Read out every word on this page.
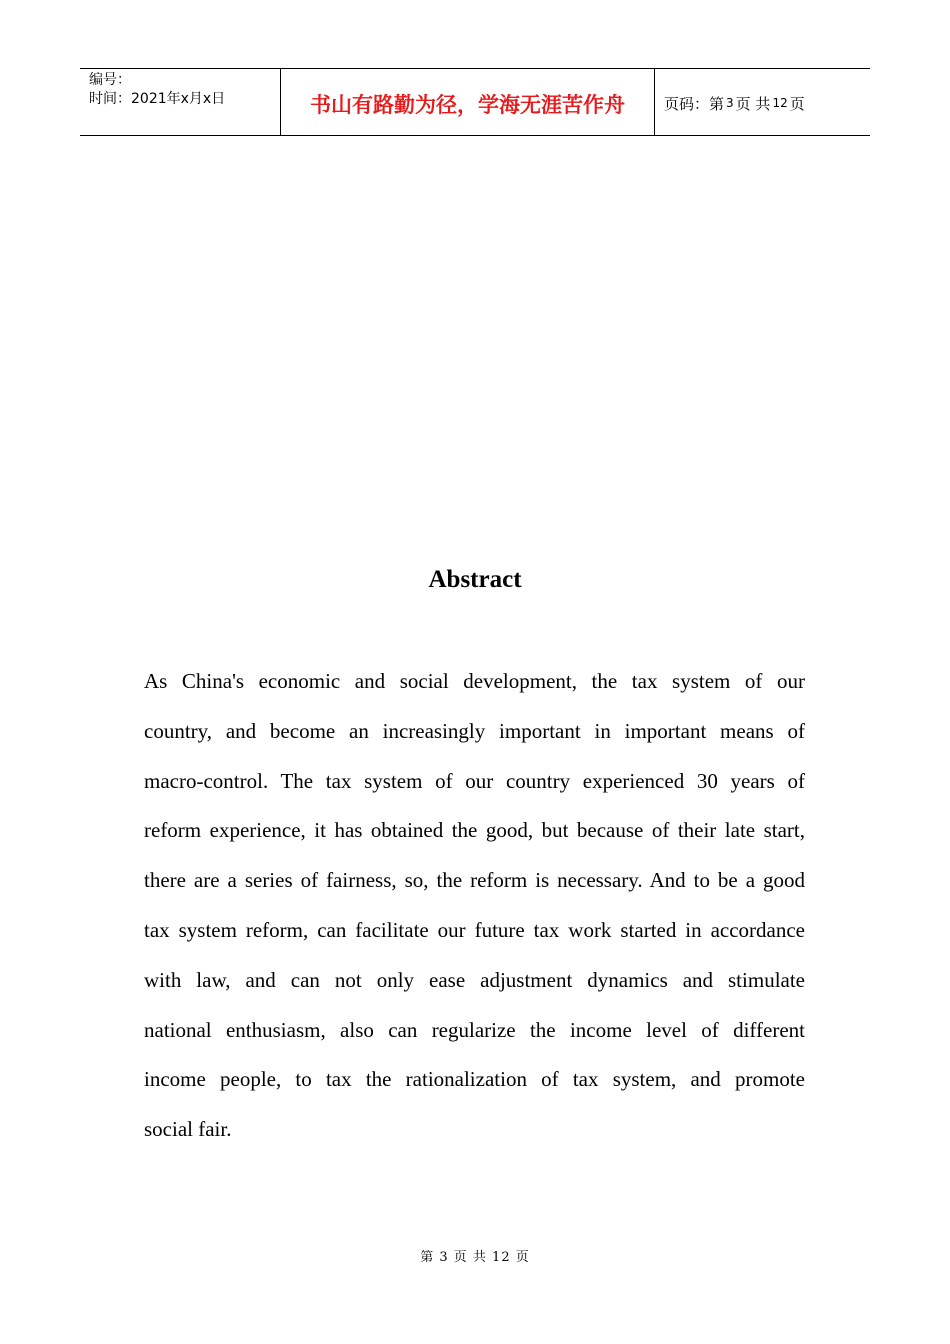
编号：
时间：2021年x月x日	书山有路勤为径，学海无涯苦作舟	页码：第 3 页 共 12 页
Abstract
As China's economic and social development, the tax system of our
country, and become an increasingly important in important means of
macro-control. The tax system of our country experienced 30 years of
reform experience, it has obtained the good, but because of their late start,
there are a series of fairness, so, the reform is necessary. And to be a good
tax system reform, can facilitate our future tax work started in accordance
with law, and can not only ease adjustment dynamics and stimulate
national enthusiasm, also can regularize the income level of different
income people, to tax the rationalization of tax system, and promote
social fair.
第 3 页 共 12 页
